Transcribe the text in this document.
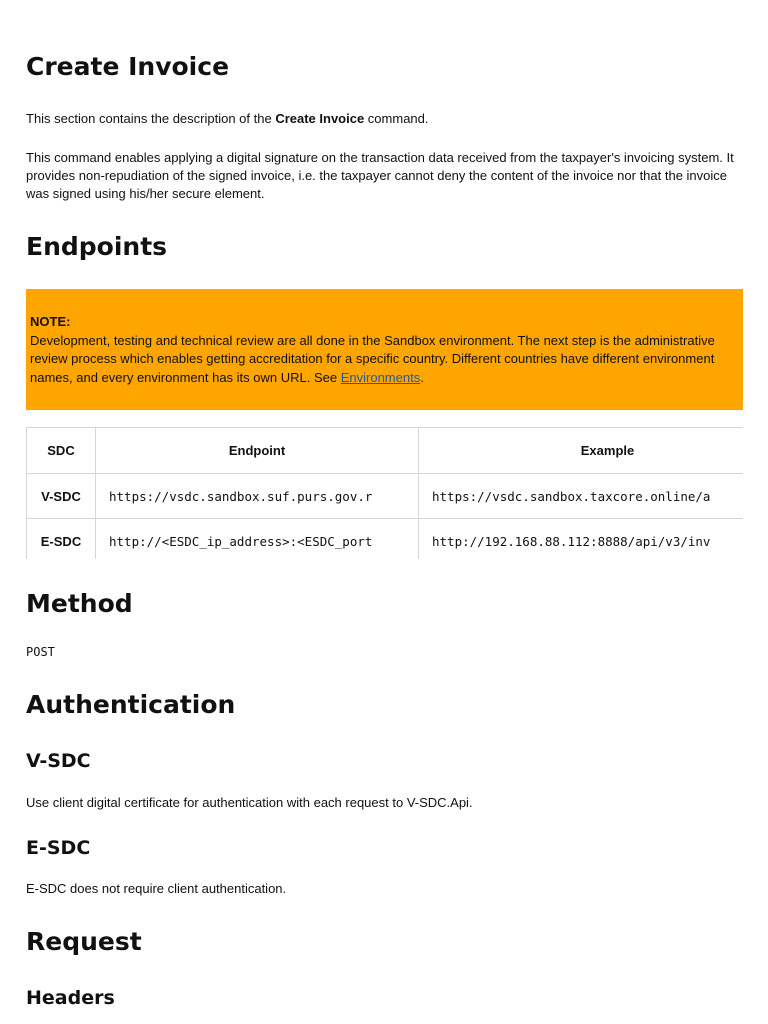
Create Invoice

This section contains the description of the Create Invoice command.

This command enables applying a digital signature on the transaction data received from the taxpayer's invoicing system. It provides non-repudiation of the signed invoice, i.e. the taxpayer cannot deny the content of the invoice nor that the invoice was signed using his/her secure element.

Endpoints
NOTE:
Development, testing and technical review are all done in the Sandbox environment. The next step is the administrative review process which enables getting accreditation for a specific country. Different countries have different environment names, and every environment has its own URL. See Environments.
SDC	Endpoint	Example	
V-SDC	https://vsdc.sandbox.suf.purs.gov.r	https://vsdc.sandbox.taxcore.online/a	
E-SDC	http://<ESDC_ip_address>:<ESDC_port	http://192.168.88.112:8888/api/v3/inv	
Method
POST
Authentication
V-SDC

Use client digital certificate for authentication with each request to V-SDC.Api.

E-SDC

E-SDC does not require client authentication.

Request
Headers
